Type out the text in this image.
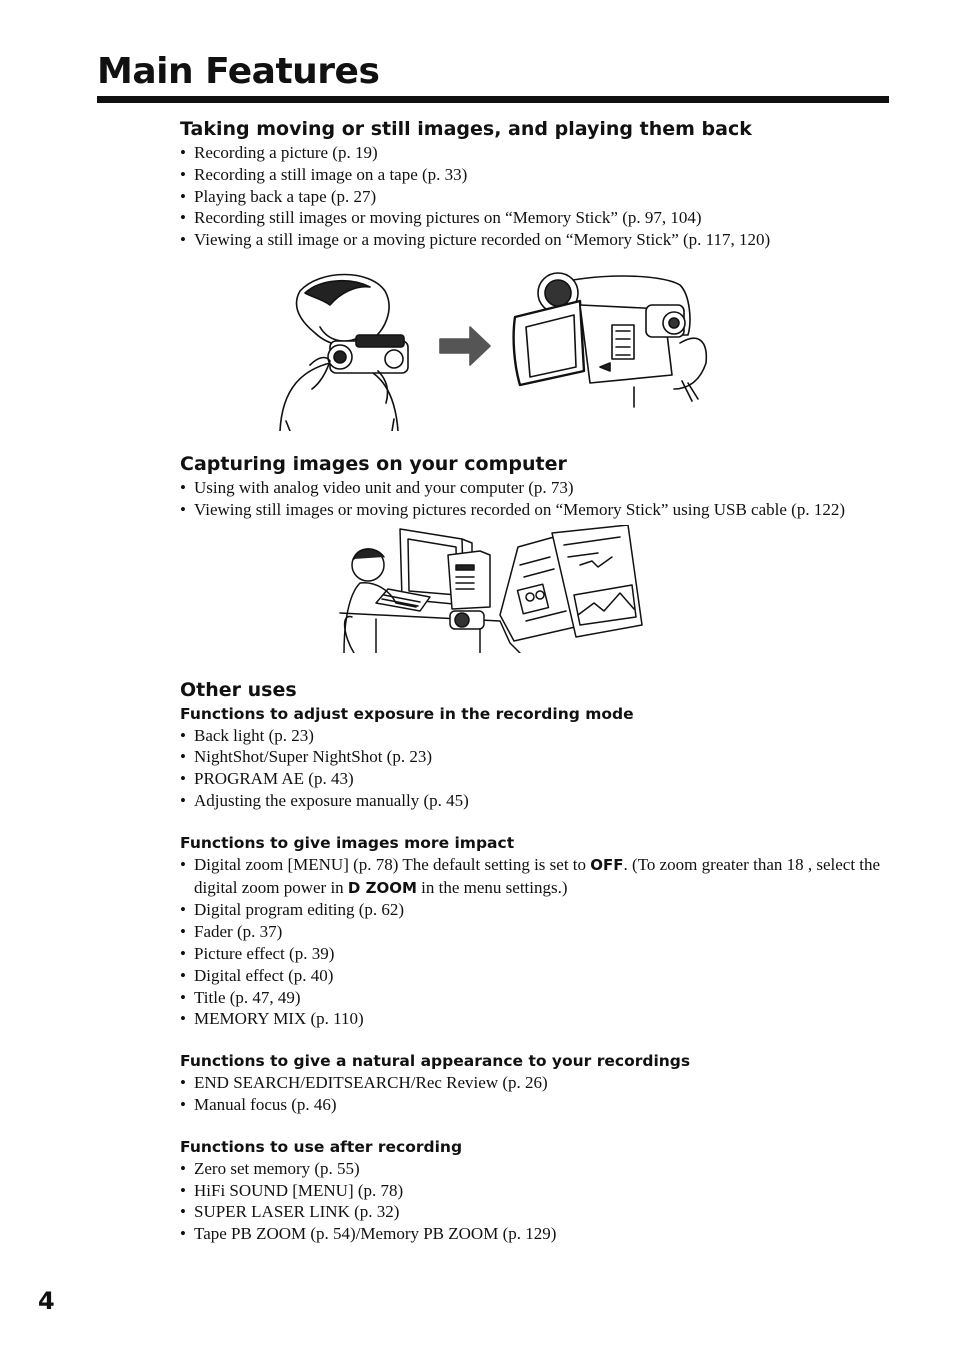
Main Features
Taking moving or still images, and playing them back
• Recording a picture (p. 19)
• Recording a still image on a tape (p. 33)
• Playing back a tape (p. 27)
• Recording still images or moving pictures on “Memory Stick” (p. 97, 104)
• Viewing a still image or a moving picture recorded on “Memory Stick” (p. 117, 120)
Capturing images on your computer
• Using with analog video unit and your computer (p. 73)
• Viewing still images or moving pictures recorded on “Memory Stick” using USB cable (p. 122)
Other uses
Functions to adjust exposure in the recording mode
• Back light (p. 23)
• NightShot/Super NightShot (p. 23)
• PROGRAM AE (p. 43)
• Adjusting the exposure manually (p. 45)
Functions to give images more impact
• Digital zoom [MENU] (p. 78) The default setting is set to OFF. (To zoom greater than 18 , select the digital zoom power in D ZOOM in the menu settings.)
• Digital program editing (p. 62)
• Fader (p. 37)
• Picture effect (p. 39)
• Digital effect (p. 40)
• Title (p. 47, 49)
• MEMORY MIX (p. 110)
Functions to give a natural appearance to your recordings
• END SEARCH/EDITSEARCH/Rec Review (p. 26)
• Manual focus (p. 46)
Functions to use after recording
• Zero set memory (p. 55)
• HiFi SOUND [MENU] (p. 78)
• SUPER LASER LINK (p. 32)
• Tape PB ZOOM (p. 54)/Memory PB ZOOM (p. 129)
4
